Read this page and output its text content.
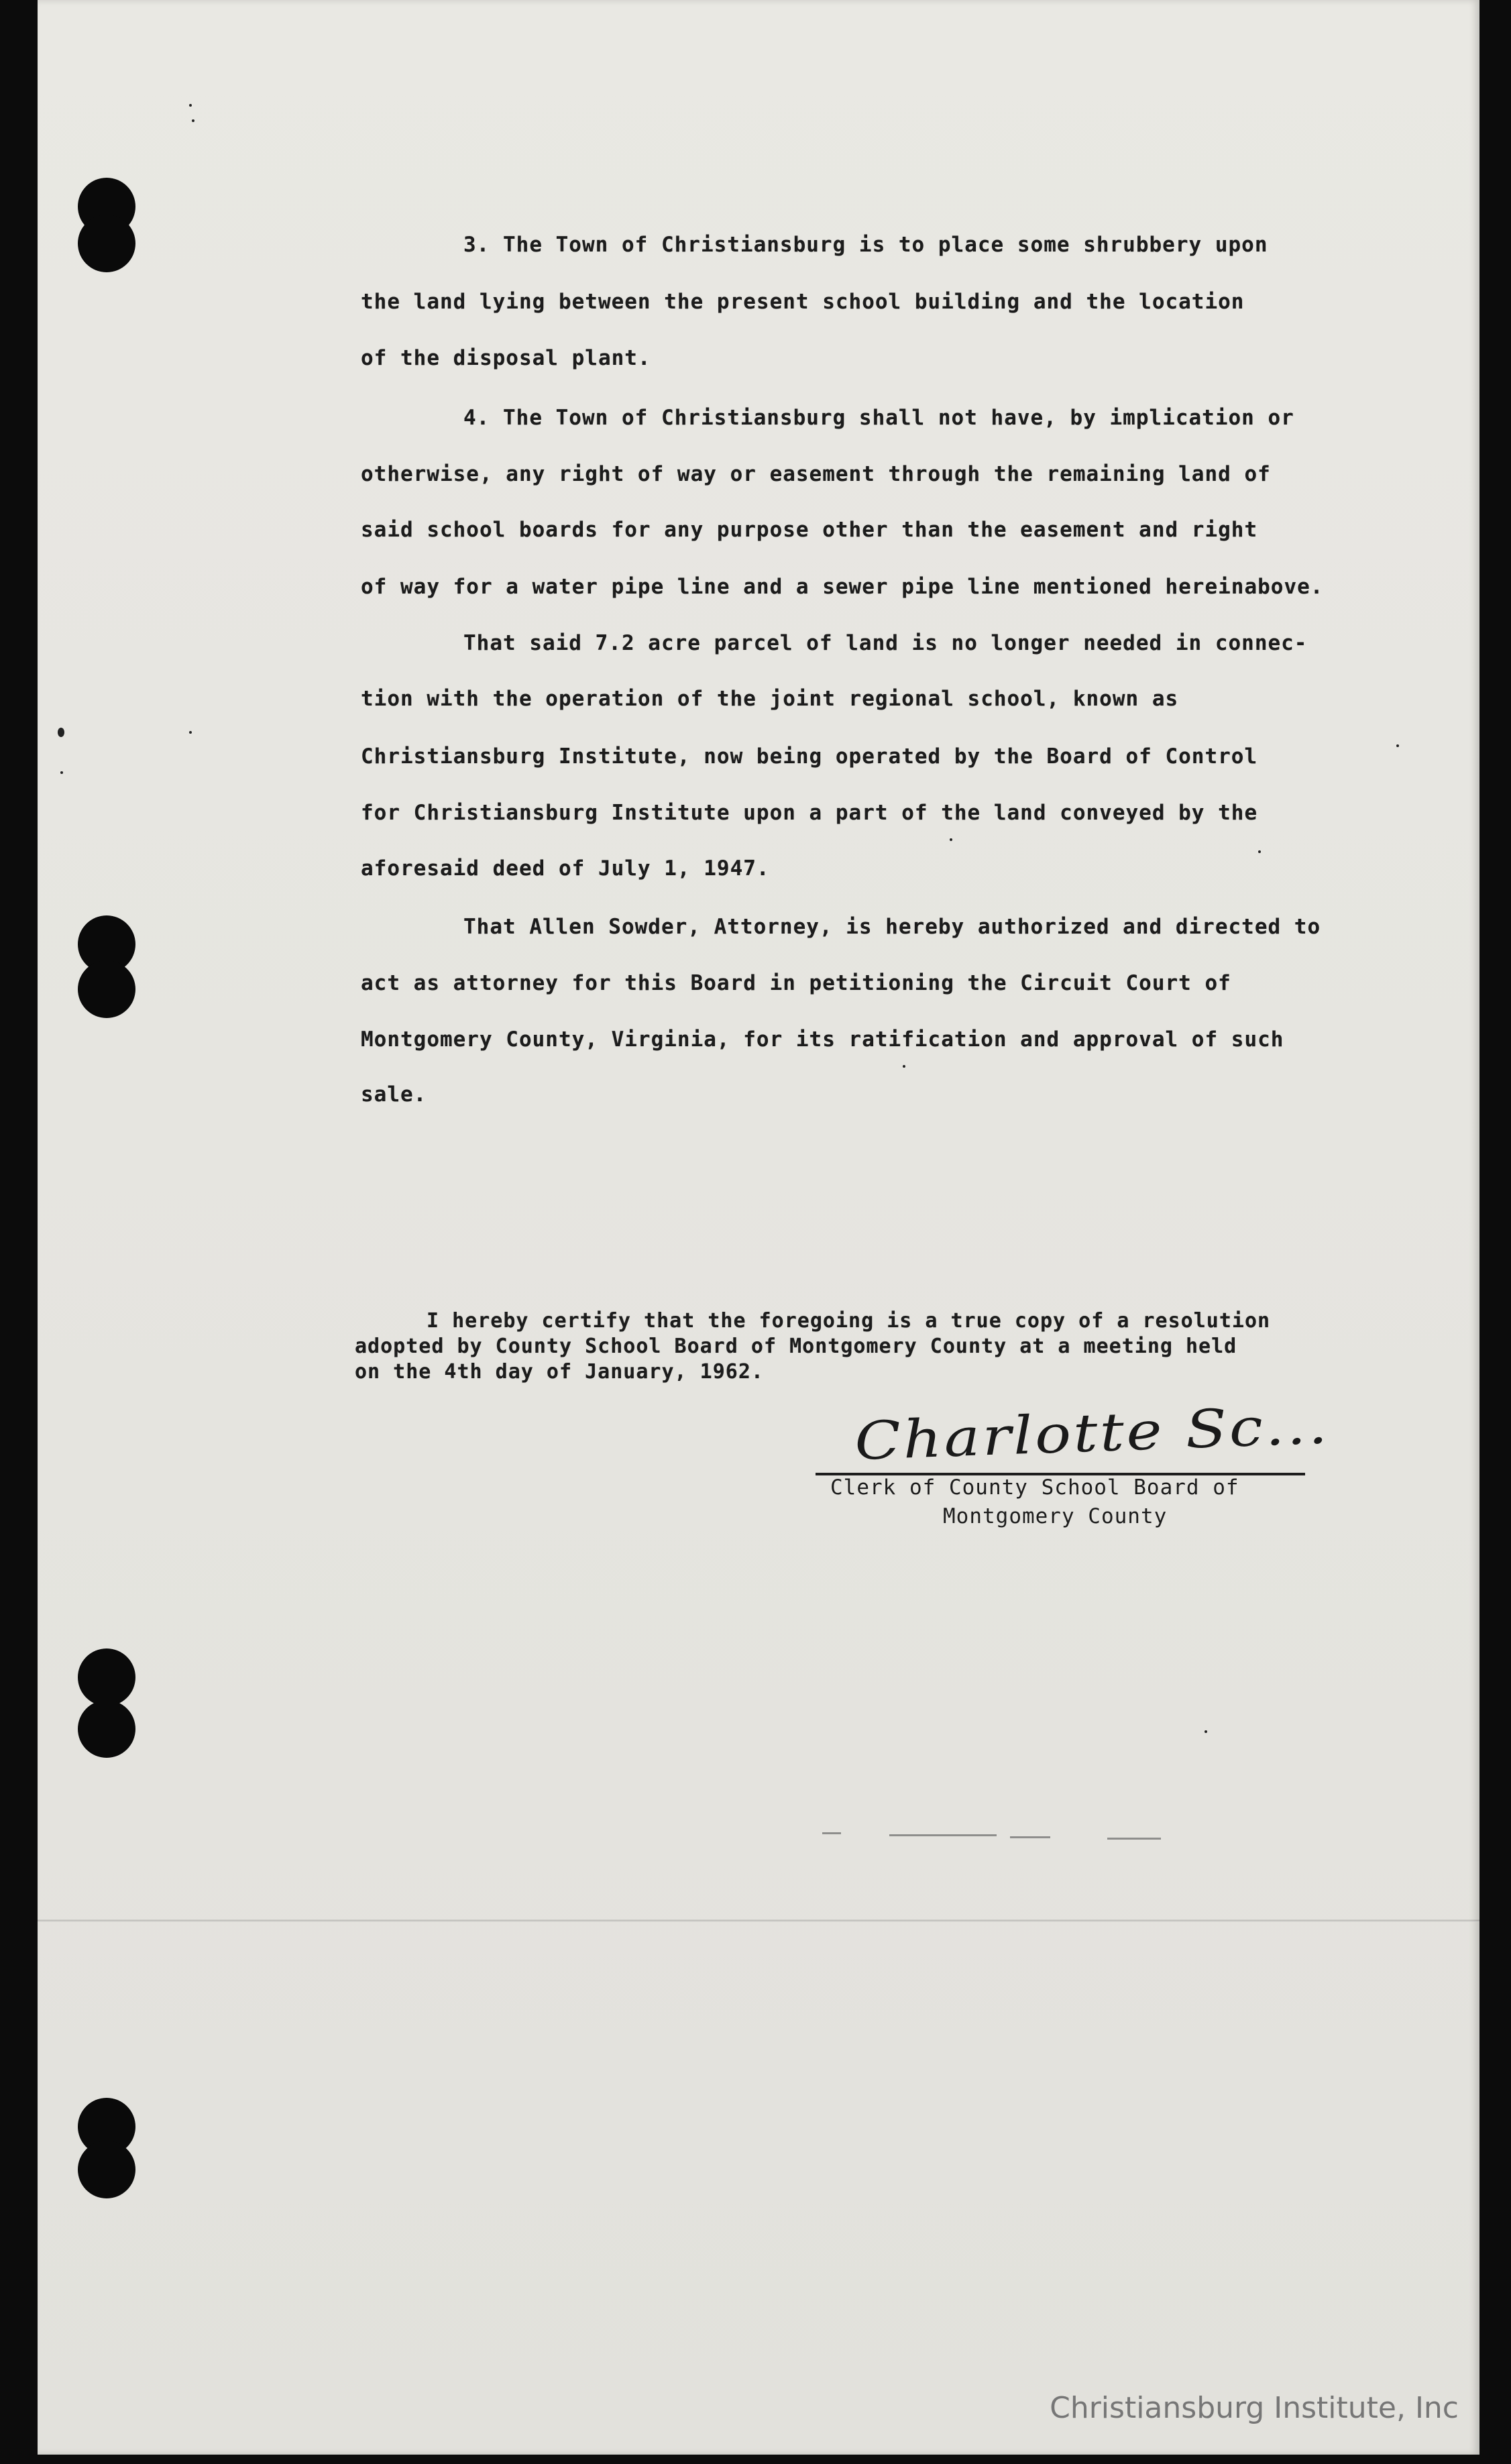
3. The Town of Christiansburg is to place some shrubbery upon
the land lying between the present school building and the location
of the disposal plant.
4. The Town of Christiansburg shall not have, by implication or
otherwise, any right of way or easement through the remaining land of
said school boards for any purpose other than the easement and right
of way for a water pipe line and a sewer pipe line mentioned hereinabove.
That said 7.2 acre parcel of land is no longer needed in connec-
tion with the operation of the joint regional school, known as
Christiansburg Institute, now being operated by the Board of Control
for Christiansburg Institute upon a part of the land conveyed by the
aforesaid deed of July 1, 1947.
That Allen Sowder, Attorney, is hereby authorized and directed to
act as attorney for this Board in petitioning the Circuit Court of
Montgomery County, Virginia, for its ratification and approval of such
sale.
I hereby certify that the foregoing is a true copy of a resolution
adopted by County School Board of Montgomery County at a meeting held
on the 4th day of January, 1962.
Charlotte Sc...
Clerk of County School Board of
Montgomery County
Christiansburg Institute, Inc
